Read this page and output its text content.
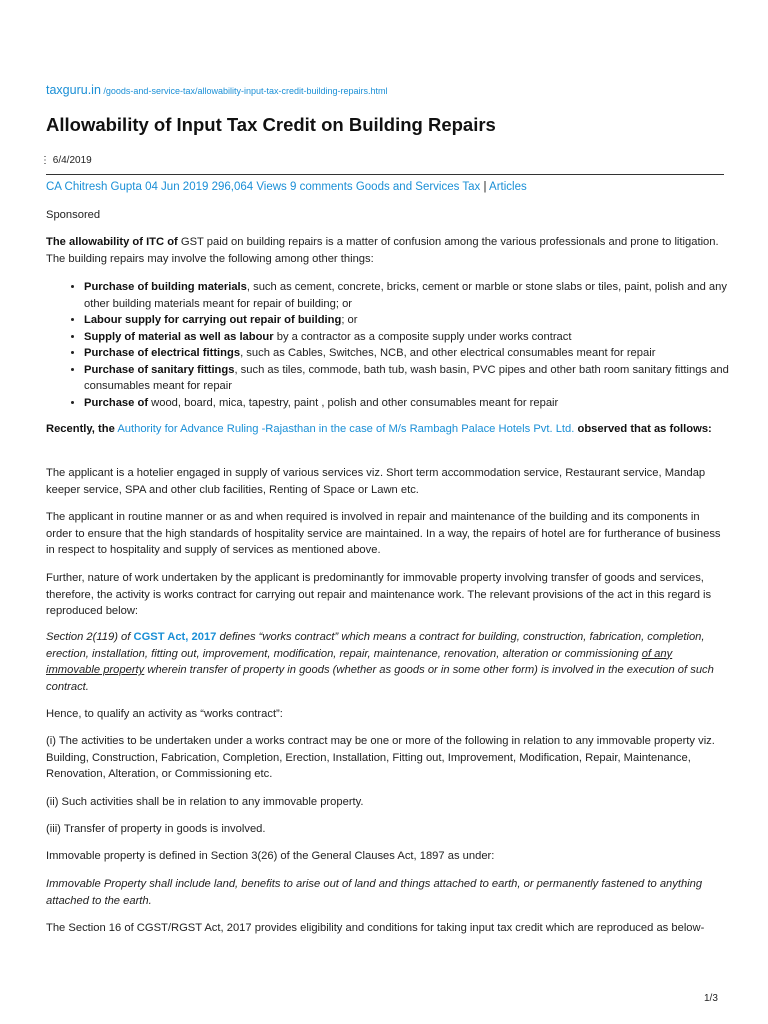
taxguru.in /goods-and-service-tax/allowability-input-tax-credit-building-repairs.html
Allowability of Input Tax Credit on Building Repairs
⋮ 6/4/2019
CA Chitresh Gupta 04 Jun 2019 296,064 Views 9 comments Goods and Services Tax | Articles
Sponsored
The allowability of ITC of GST paid on building repairs is a matter of confusion among the various professionals and prone to litigation. The building repairs may involve the following among other things:
• Purchase of building materials, such as cement, concrete, bricks, cement or marble or stone slabs or tiles, paint, polish and any other building materials meant for repair of building; or
• Labour supply for carrying out repair of building; or
• Supply of material as well as labour by a contractor as a composite supply under works contract
• Purchase of electrical fittings, such as Cables, Switches, NCB, and other electrical consumables meant for repair
• Purchase of sanitary fittings, such as tiles, commode, bath tub, wash basin, PVC pipes and other bath room sanitary fittings and consumables meant for repair
• Purchase of wood, board, mica, tapestry, paint , polish and other consumables meant for repair
Recently, the Authority for Advance Ruling -Rajasthan in the case of M/s Rambagh Palace Hotels Pvt. Ltd. observed that as follows:
The applicant is a hotelier engaged in supply of various services viz. Short term accommodation service, Restaurant service, Mandap keeper service, SPA and other club facilities, Renting of Space or Lawn etc.
The applicant in routine manner or as and when required is involved in repair and maintenance of the building and its components in order to ensure that the high standards of hospitality service are maintained. In a way, the repairs of hotel are for furtherance of business in respect to hospitality and supply of services as mentioned above.
Further, nature of work undertaken by the applicant is predominantly for immovable property involving transfer of goods and services, therefore, the activity is works contract for carrying out repair and maintenance work. The relevant provisions of the act in this regard is reproduced below:
Section 2(119) of CGST Act, 2017 defines “works contract” which means a contract for building, construction, fabrication, completion, erection, installation, fitting out, improvement, modification, repair, maintenance, renovation, alteration or commissioning of any immovable property wherein transfer of property in goods (whether as goods or in some other form) is involved in the execution of such contract.
Hence, to qualify an activity as “works contract”:
(i) The activities to be undertaken under a works contract may be one or more of the following in relation to any immovable property viz. Building, Construction, Fabrication, Completion, Erection, Installation, Fitting out, Improvement, Modification, Repair, Maintenance, Renovation, Alteration, or Commissioning etc.
(ii) Such activities shall be in relation to any immovable property.
(iii) Transfer of property in goods is involved.
Immovable property is defined in Section 3(26) of the General Clauses Act, 1897 as under:
Immovable Property shall include land, benefits to arise out of land and things attached to earth, or permanently fastened to anything attached to the earth.
The Section 16 of CGST/RGST Act, 2017 provides eligibility and conditions for taking input tax credit which are reproduced as below-
1/3
